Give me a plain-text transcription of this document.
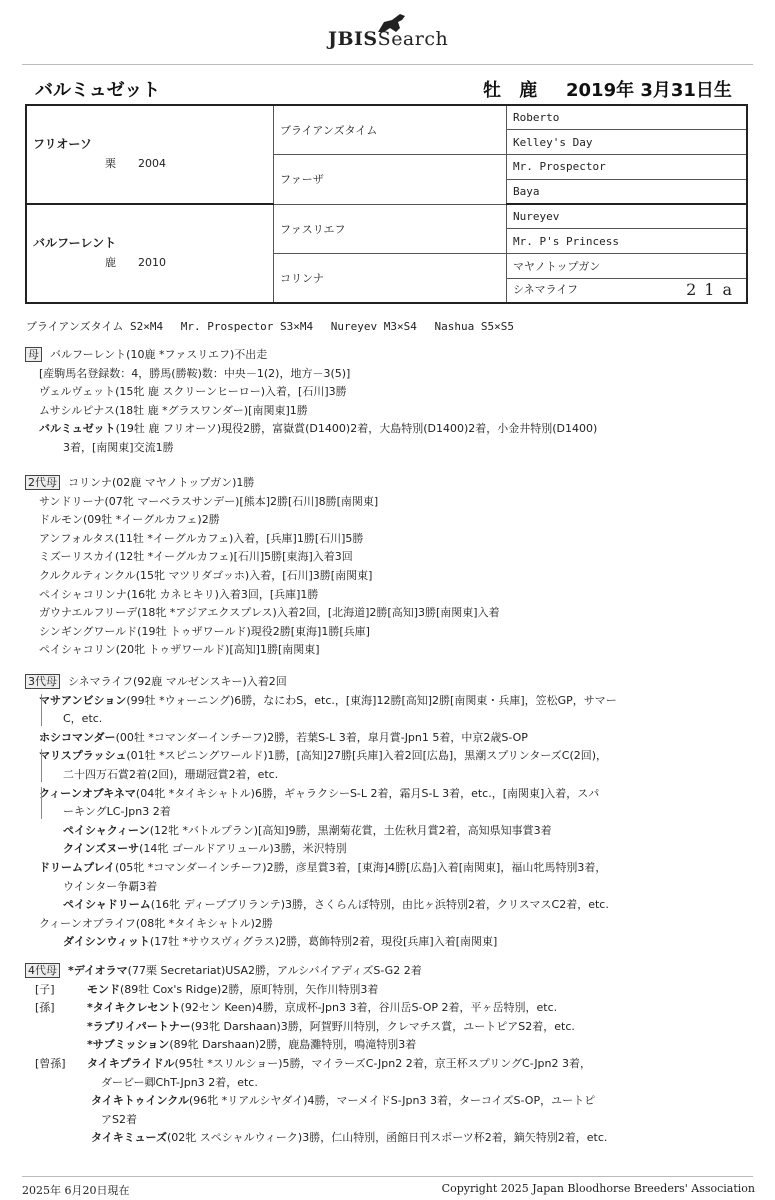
JBISSearch
バルミュゼット	牡 鹿 2019年 3月31日生
フリオーソ
栗 2004	ブライアンズタイム	Roberto
		Kelley's Day
	ファーザ	Mr. Prospector
		Baya

バルフーレント
鹿 2010	ファスリエフ	Nureyev
		Mr. P's Princess
	コリンナ	マヤノトップガン
		シネマライフ 21a
ブライアンズタイム S2×M4　 Mr. Prospector S3×M4　 Nureyev M3×S4　 Nashua S5×S5
母 バルフーレント(10鹿 *ファスリエフ)不出走
[産駒馬名登録数：4，勝馬(勝鞍)数：中央－1(2)，地方－3(5)]
ヴェルヴェット(15牝 鹿 スクリーンヒーロー)入着，[石川]3勝
ムサシルピナス(18牡 鹿 *グラスワンダー)[南関東]1勝
バルミュゼット(19牡 鹿 フリオーソ)現役2勝，富嶽賞(D1400)2着，大島特別(D1400)2着，小金井特別(D1400)
3着，[南関東]交流1勝
2代母 コリンナ(02鹿 マヤノトップガン)1勝
サンドリーナ(07牝 マーベラスサンデー)[熊本]2勝[石川]8勝[南関東]
ドルモン(09牡 *イーグルカフェ)2勝
アンフォルタス(11牡 *イーグルカフェ)入着，[兵庫]1勝[石川]5勝
ミズーリスカイ(12牡 *イーグルカフェ)[石川]5勝[東海]入着3回
クルクルティンクル(15牝 マツリダゴッホ)入着，[石川]3勝[南関東]
ペイシャコリンナ(16牝 カネヒキリ)入着3回，[兵庫]1勝
ガウナエルフリーデ(18牝 *アジアエクスプレス)入着2回，[北海道]2勝[高知]3勝[南関東]入着
シンギングワールド(19牡 トゥザワールド)現役2勝[東海]1勝[兵庫]
ペイシャコリン(20牝 トゥザワールド)[高知]1勝[南関東]
3代母 シネマライフ(92鹿 マルゼンスキー)入着2回
マサアンビション(99牡 *ウォーニング)6勝，なにわS，etc.，[東海]12勝[高知]2勝[南関東・兵庫]，笠松GP，サマー
C，etc.
ホシコマンダー(00牡 *コマンダーインチーフ)2勝，若葉S-L 3着，皐月賞-Jpn1 5着，中京2歳S-OP
マリスプラッシュ(01牡 *スピニングワールド)1勝，[高知]27勝[兵庫]入着2回[広島]，黒潮スプリンターズC(2回)，
二十四万石賞2着(2回)，珊瑚冠賞2着，etc.
クィーンオブキネマ(04牝 *タイキシャトル)6勝，ギャラクシーS-L 2着，霜月S-L 3着，etc.，[南関東]入着，スパ
ーキングLC-Jpn3 2着
ペイシャクィーン(12牝 *バトルプラン)[高知]9勝，黒潮菊花賞，土佐秋月賞2着，高知県知事賞3着
クインズヌーサ(14牝 ゴールドアリュール)3勝，米沢特別
ドリームプレイ(05牝 *コマンダーインチーフ)2勝，彦星賞3着，[東海]4勝[広島]入着[南関東]，福山牝馬特別3着，
ウインター争覇3着
ペイシャドリーム(16牝 ディープブリランテ)3勝，さくらんぼ特別，由比ヶ浜特別2着，クリスマスC2着，etc.
クィーンオブライフ(08牝 *タイキシャトル)2勝
ダイシンウィット(17牡 *サウスヴィグラス)2勝，葛飾特別2着，現役[兵庫]入着[南関東]
4代母 *デイオラマ(77栗 Secretariat)USA2勝，アルシバイアディズS-G2 2着
[子]	モンド(89牡 Cox's Ridge)2勝，原町特別，矢作川特別3着
[孫]	*タイキクレセント(92セン Keen)4勝，京成杯-Jpn3 3着，谷川岳S-OP 2着，平ヶ岳特別，etc.
*ラブリイパートナー(93牝 Darshaan)3勝，阿賀野川特別，クレマチス賞，ユートピアS2着，etc.
*サブミッション(89牝 Darshaan)2勝，鹿島灘特別，鳴滝特別3着
[曾孫] タイキプライドル(95牡 *スリルショー)5勝，マイラーズC-Jpn2 2着，京王杯スプリングC-Jpn2 3着，
ダービー卿ChT-Jpn3 2着，etc.
タイキトゥインクル(96牝 *リアルシヤダイ)4勝，マーメイドS-Jpn3 3着，ターコイズS-OP，ユートピ
アS2着
タイキミューズ(02牝 スペシャルウィーク)3勝，仁山特別，函館日刊スポーツ杯2着，鏑矢特別2着，etc.
2025年 6月20日現在	Copyright 2025 Japan Bloodhorse Breeders' Association
